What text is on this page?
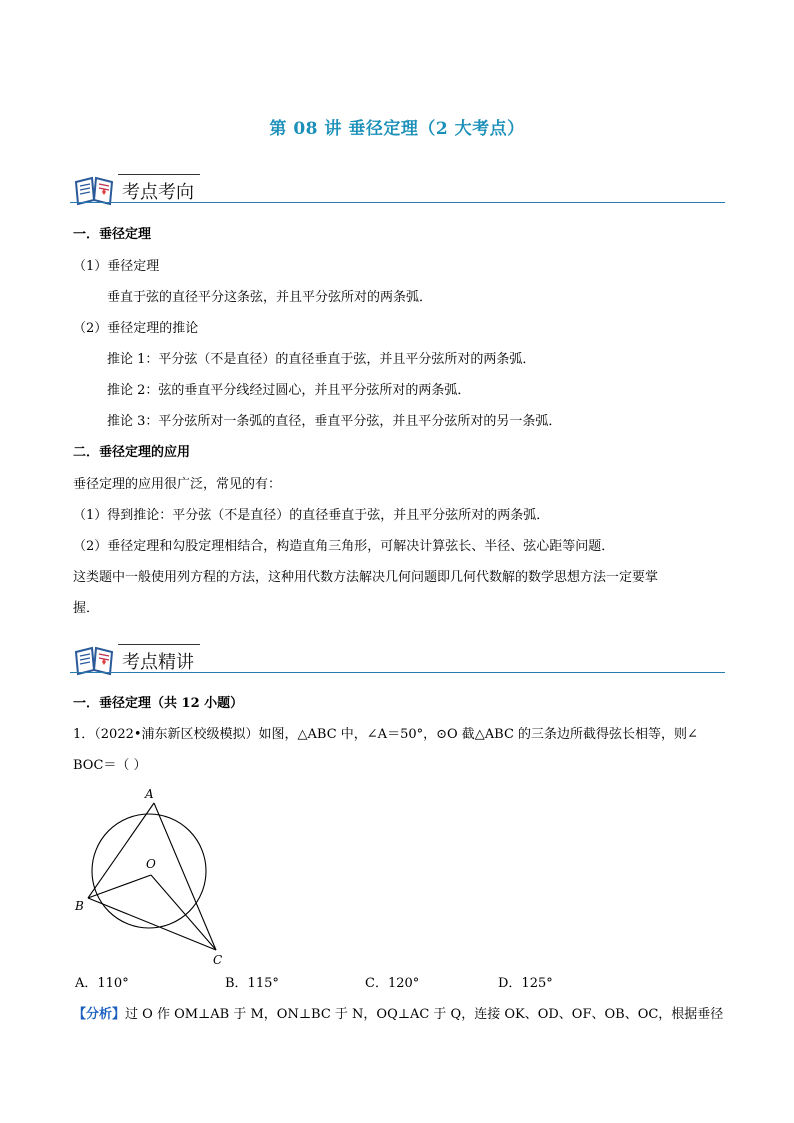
第 08 讲 垂径定理（2 大考点）
考点考向
一．垂径定理
（1）垂径定理
垂直于弦的直径平分这条弦，并且平分弦所对的两条弧．
（2）垂径定理的推论
推论 1：平分弦（不是直径）的直径垂直于弦，并且平分弦所对的两条弧．
推论 2：弦的垂直平分线经过圆心，并且平分弦所对的两条弧．
推论 3：平分弦所对一条弧的直径，垂直平分弦，并且平分弦所对的另一条弧．
二．垂径定理的应用
垂径定理的应用很广泛，常见的有：
（1）得到推论：平分弦（不是直径）的直径垂直于弦，并且平分弦所对的两条弧．
（2）垂径定理和勾股定理相结合，构造直角三角形，可解决计算弦长、半径、弦心距等问题．
这类题中一般使用列方程的方法，这种用代数方法解决几何问题即几何代数解的数学思想方法一定要掌
握．
考点精讲
一．垂径定理（共 12 小题）
1．（2022•浦东新区校级模拟）如图，△ABC 中，∠A＝50°，⊙O 截△ABC 的三条边所截得弦长相等，则∠
BOC＝（ ）
A
O
B
C
A．110°	B．115°	C．120°	D．125°
【分析】过 O 作 OM⊥AB 于 M，ON⊥BC 于 N，OQ⊥AC 于 Q，连接 OK、OD、OF、OB、OC，根据垂径
